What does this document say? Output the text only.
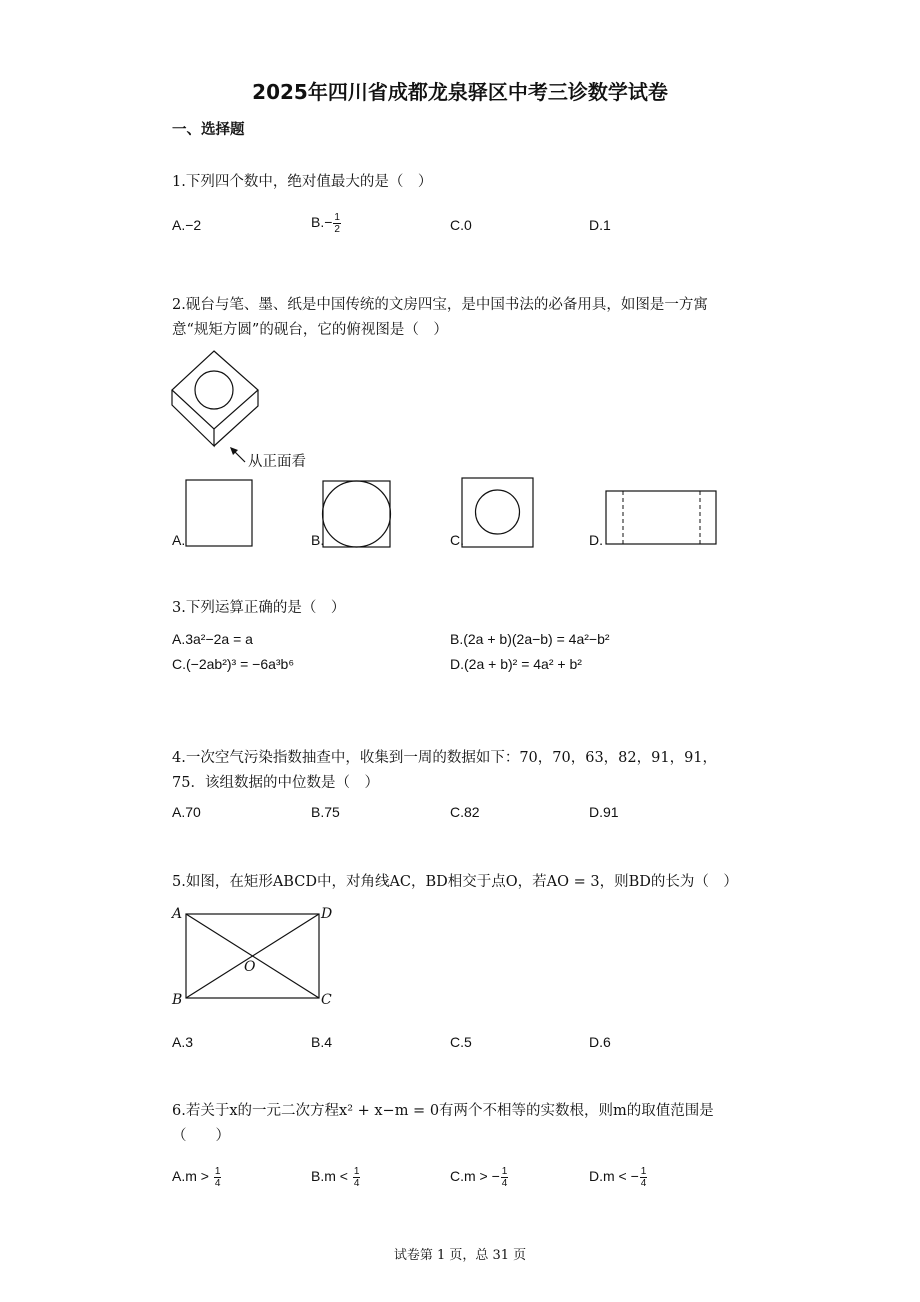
2025年四川省成都龙泉驿区中考三诊数学试卷
一、选择题
1.下列四个数中，绝对值最大的是（　）
A.−2	$B.- \frac{1}{2}$	C.0	D.1
2.砚台与笔、墨、纸是中国传统的文房四宝，是中国书法的必备用具，如图是一方寓
意“规矩方圆”的砚台，它的俯视图是（　）
从正面看
A.	B.	C.	D.
3.下列运算正确的是（　）
A.3a²−2a = a	B.(2a + b)(2a−b) = 4a²−b²
C.(−2ab²)³ = −6a³b⁶	D.(2a + b)² = 4a² + b²
4.一次空气污染指数抽查中，收集到一周的数据如下：70，70，63，82，91，91，
75．该组数据的中位数是（　）
A.70	B.75	C.82	D.91
5.如图，在矩形ABCD中，对角线AC，BD相交于点O，若AO = 3，则BD的长为（　）
A	D
B	C
O
A.3	B.4	C.5	D.6
6.若关于x的一元二次方程x² + x−m = 0有两个不相等的实数根，则m的取值范围是
（　　）
$A.m > \frac{1}{4}$	$B.m < \frac{1}{4}$	C.m > − $\frac{1}{4}$	D.m < − $\frac{1}{4}$
试卷第 1 页，总 31 页
